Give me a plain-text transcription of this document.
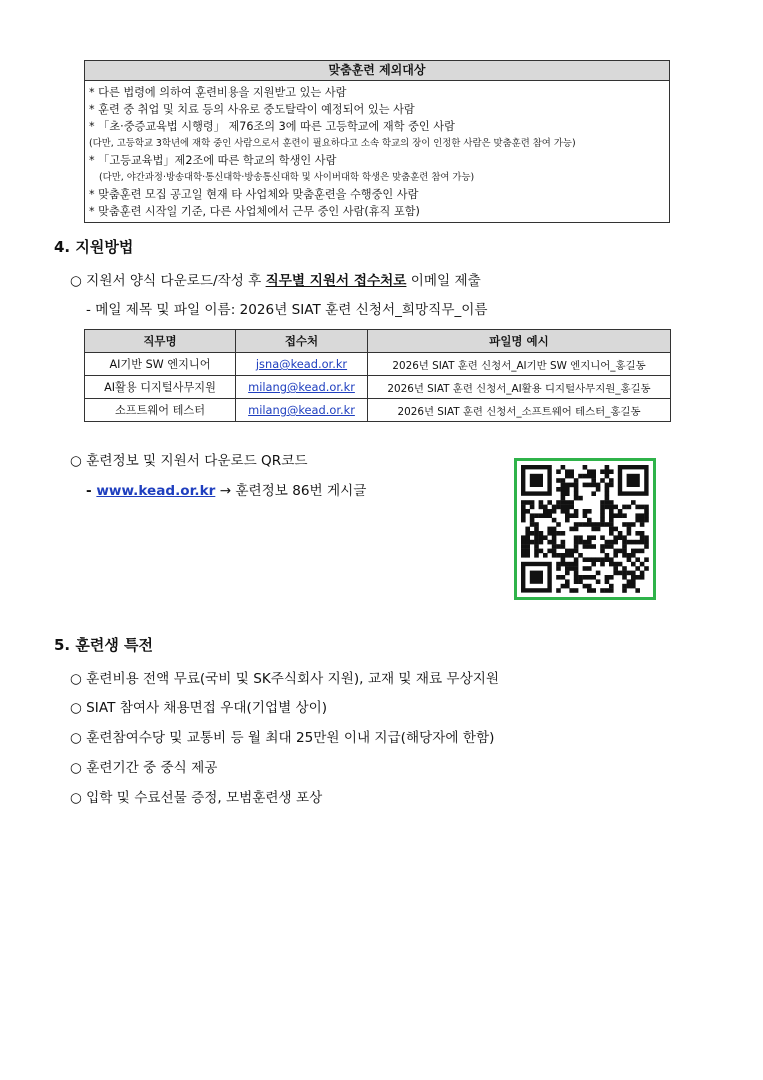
맞춤훈련 제외대상
* 다른 법령에 의하여 훈련비용을 지원받고 있는 사람
* 훈련 중 취업 및 치료 등의 사유로 중도탈락이 예정되어 있는 사람
* 「초·중증교육법 시행령」 제76조의 3에 따른 고등학교에 재학 중인 사람
(다만, 고등학교 3학년에 재학 중인 사람으로서 훈련이 필요하다고 소속 학교의 장이 인정한 사람은 맞춤훈련 참여 가능)
* 「고등교육법」제2조에 따른 학교의 학생인 사람
(다만, 야간과정·방송대학·통신대학·방송통신대학 및 사이버대학 학생은 맞춤훈련 참여 가능)
* 맞춤훈련 모집 공고일 현재 타 사업체와 맞춤훈련을 수행중인 사람
* 맞춤훈련 시작일 기준, 다른 사업체에서 근무 중인 사람(휴직 포함)
4. 지원방법
○ 지원서 양식 다운로드/작성 후 직무별 지원서 접수처로 이메일 제출
- 메일 제목 및 파일 이름: 2026년 SIAT 훈련 신청서_희망직무_이름
직무명	접수처	파일명 예시
AI기반 SW 엔지니어	jsna@kead.or.kr	2026년 SIAT 훈련 신청서_AI기반 SW 엔지니어_홍길동
AI활용 디지털사무지원	milang@kead.or.kr	2026년 SIAT 훈련 신청서_AI활용 디지털사무지원_홍길동
소프트웨어 테스터	milang@kead.or.kr	2026년 SIAT 훈련 신청서_소프트웨어 테스터_홍길동
○ 훈련정보 및 지원서 다운로드 QR코드
- www.kead.or.kr → 훈련정보 86번 게시글
5. 훈련생 특전
○ 훈련비용 전액 무료(국비 및 SK주식회사 지원), 교재 및 재료 무상지원
○ SIAT 참여사 채용면접 우대(기업별 상이)
○ 훈련참여수당 및 교통비 등 월 최대 25만원 이내 지급(해당자에 한함)
○ 훈련기간 중 중식 제공
○ 입학 및 수료선물 증정, 모범훈련생 포상
